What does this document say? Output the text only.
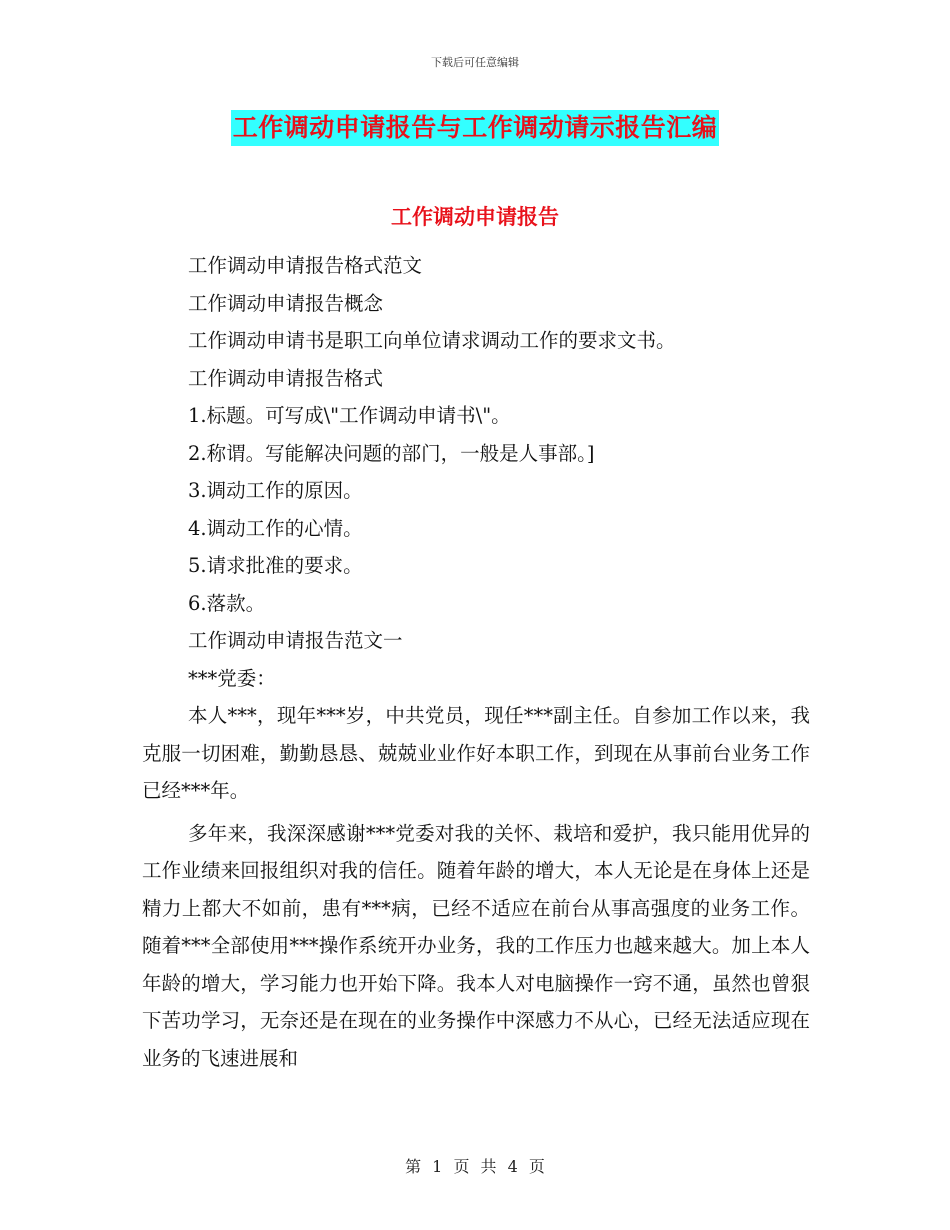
下载后可任意编辑
工作调动申请报告与工作调动请示报告汇编
工作调动申请报告

工作调动申请报告格式范文

工作调动申请报告概念

工作调动申请书是职工向单位请求调动工作的要求文书。

工作调动申请报告格式

1.标题。可写成\"工作调动申请书\"。

2.称谓。写能解决问题的部门，一般是人事部。]

3.调动工作的原因。

4.调动工作的心情。

5.请求批准的要求。

6.落款。

工作调动申请报告范文一

***党委：

本人***，现年***岁，中共党员，现任***副主任。自参加工作以来，我克服一切困难，勤勤恳恳、兢兢业业作好本职工作，到现在从事前台业务工作已经***年。

多年来，我深深感谢***党委对我的关怀、栽培和爱护，我只能用优异的工作业绩来回报组织对我的信任。随着年龄的增大，本人无论是在身体上还是精力上都大不如前，患有***病，已经不适应在前台从事高强度的业务工作。随着***全部使用***操作系统开办业务，我的工作压力也越来越大。加上本人年龄的增大，学习能力也开始下降。我本人对电脑操作一窍不通，虽然也曾狠下苦功学习，无奈还是在现在的业务操作中深感力不从心，已经无法适应现在业务的飞速进展和

第 1 页 共 4 页
